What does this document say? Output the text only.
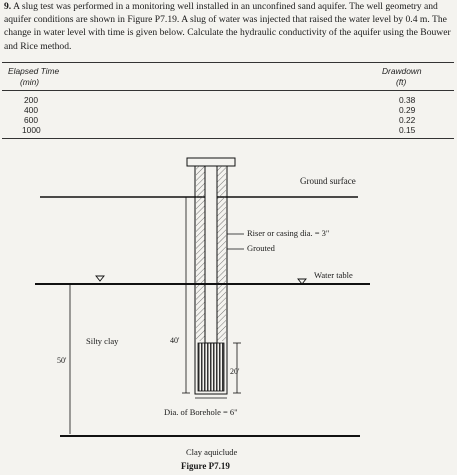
9. A slug test was performed in a monitoring well installed in an unconfined sand aquifer. The well geometry and aquifer conditions are shown in Figure P7.19. A slug of water was injected that raised the water level by 0.4 m. The change in water level with time is given below. Calculate the hydraulic conductivity of the aquifer using the Bouwer and Rice method.
Elapsed Time
(min)
Drawdown
(ft)
200	0.38
400	0.29
600	0.22
1000	0.15
Ground surface
Riser or casing dia. = 3"
Grouted
Water table
Silty clay
50'
40'
20'
Dia. of Borehole = 6"
Clay aquiclude
Figure P7.19
